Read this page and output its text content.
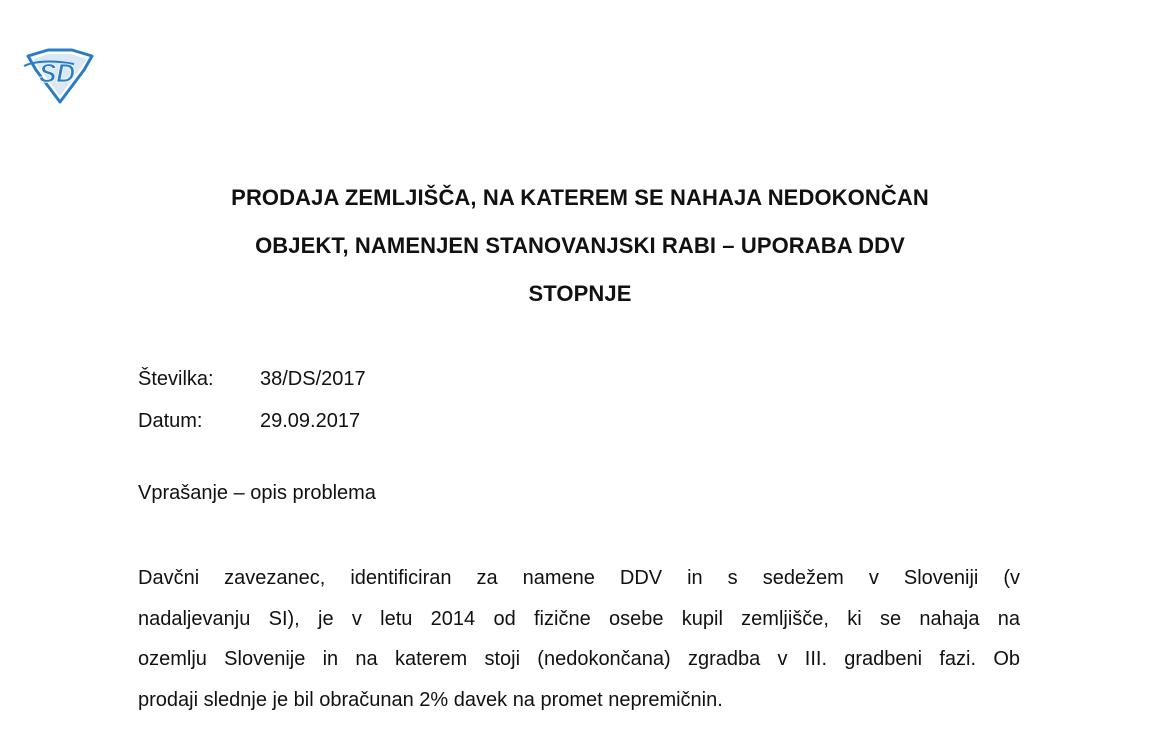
SD
PRODAJA ZEMLJIŠČA, NA KATEREM SE NAHAJA NEDOKONČAN
OBJEKT, NAMENJEN STANOVANJSKI RABI – UPORABA DDV
STOPNJE
Številka:	38/DS/2017
Datum:	29.09.2017
Vprašanje – opis problema
Davčni zavezanec, identificiran za namene DDV in s sedežem v Sloveniji (v
nadaljevanju SI), je v letu 2014 od fizične osebe kupil zemljišče, ki se nahaja na
ozemlju Slovenije in na katerem stoji (nedokončana) zgradba v III. gradbeni fazi. Ob
prodaji slednje je bil obračunan 2% davek na promet nepremičnin.
